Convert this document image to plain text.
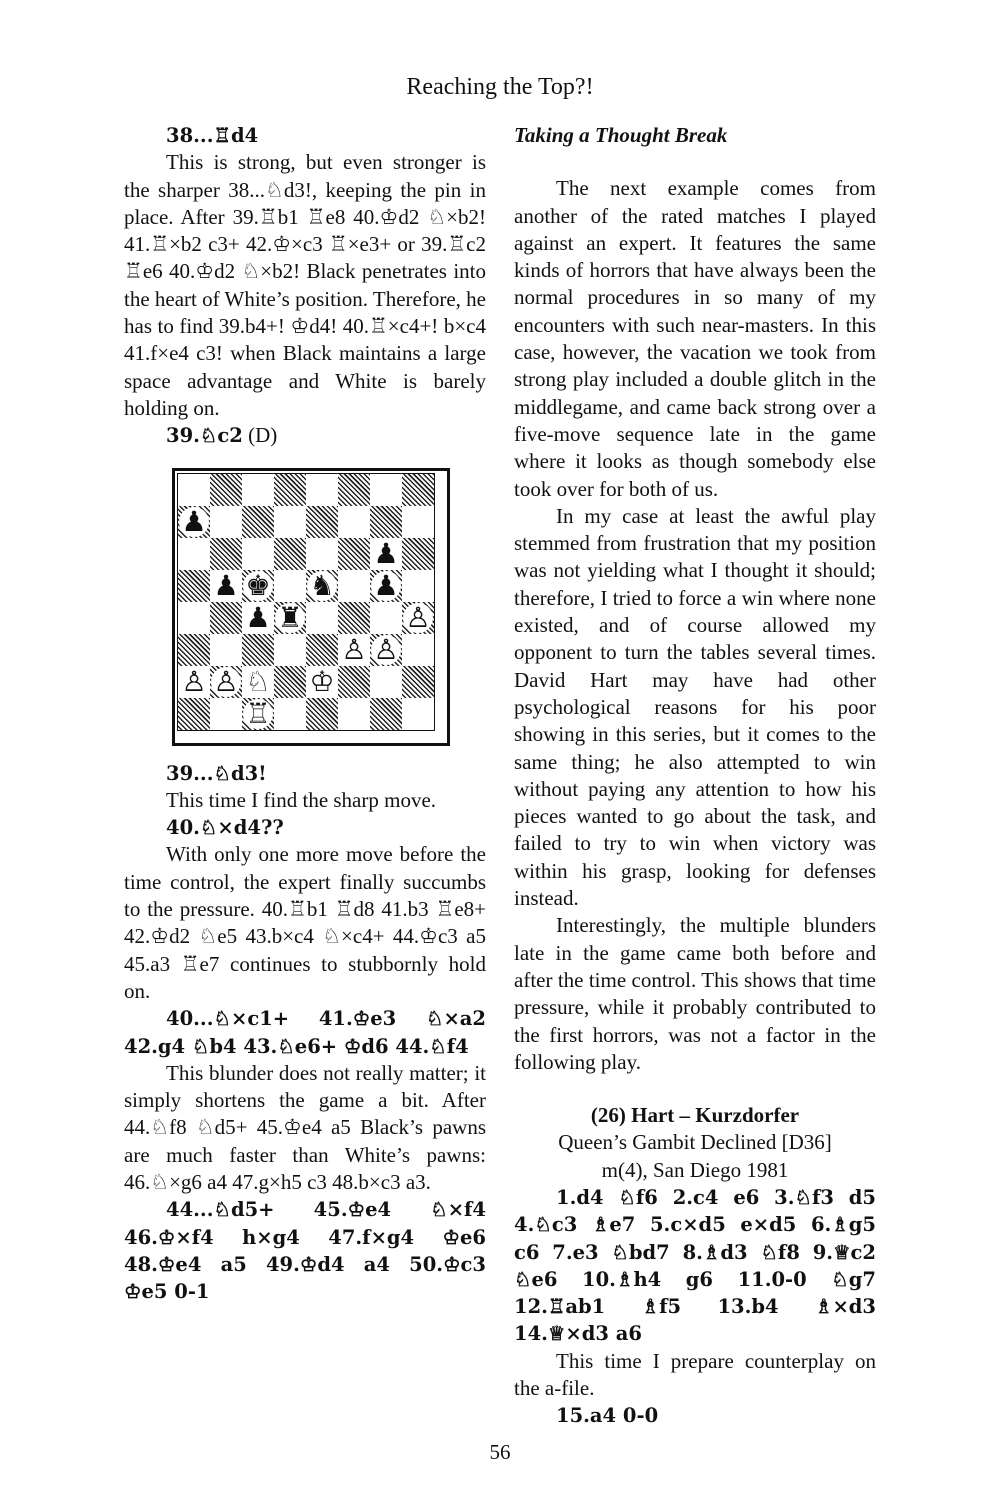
Reaching the Top?!

38...♖d4

This is strong, but even stronger is the sharper 38...♘d3!, keeping the pin in place. After 39.♖b1 ♖e8 40.♔d2 ♘×b2! 41.♖×b2 c3+ 42.♔×c3 ♖×e3+ or 39.♖c2 ♖e6 40.♔d2 ♘×b2! Black penetrates into the heart of White’s position. Therefore, he has to find 39.b4+! ♔d4! 40.♖×c4+! b×c4 41.f×e4 c3! when Black maintains a large space advantage and White is barely holding on.

39.♘c2 (D)

♟
♟
♟ ♚ ♞ ♟
♟ ♜	♙
♙ ♙
♙ ♙ ♘ ♔
♖

39...♘d3!

This time I find the sharp move.

40.♘×d4??

With only one more move before the time control, the expert finally succumbs to the pressure. 40.♖b1 ♖d8 41.b3 ♖e8+ 42.♔d2 ♘e5 43.b×c4 ♘×c4+ 44.♔c3 a5 45.a3 ♖e7 continues to stubbornly hold on.

40...♘×c1+ 41.♔e3 ♘×a2 42.g4 ♘b4 43.♘e6+ ♔d6 44.♘f4

This blunder does not really matter; it simply shortens the game a bit. After 44.♘f8 ♘d5+ 45.♔e4 a5 Black’s pawns are much faster than White’s pawns: 46.♘×g6 a4 47.g×h5 c3 48.b×c3 a3.

44...♘d5+ 45.♔e4 ♘×f4 46.♔×f4 h×g4 47.f×g4 ♔e6 48.♔e4 a5 49.♔d4 a4 50.♔c3 ♔e5 0-1

Taking a Thought Break

The next example comes from another of the rated matches I played against an expert. It features the same kinds of horrors that have always been the normal procedures in so many of my encounters with such near-masters. In this case, however, the vacation we took from strong play included a double glitch in the middlegame, and came back strong over a five-move sequence late in the game where it looks as though somebody else took over for both of us.

In my case at least the awful play stemmed from frustration that my position was not yielding what I thought it should; therefore, I tried to force a win where none existed, and of course allowed my opponent to turn the tables several times. David Hart may have had other psychological reasons for his poor showing in this series, but it comes to the same thing; he also attempted to win without paying any attention to how his pieces wanted to go about the task, and failed to try to win when victory was within his grasp, looking for defenses instead.

Interestingly, the multiple blunders late in the game came both before and after the time control. This shows that time pressure, while it probably contributed to the first horrors, was not a factor in the following play.

(26) Hart – Kurzdorfer

Queen’s Gambit Declined [D36]

m(4), San Diego 1981

1.d4 ♘f6 2.c4 e6 3.♘f3 d5 4.♘c3 ♗e7 5.c×d5 e×d5 6.♗g5 c6 7.e3 ♘bd7 8.♗d3 ♘f8 9.♕c2 ♘e6 10.♗h4 g6 11.0-0 ♘g7 12.♖ab1 ♗f5 13.b4 ♗×d3 14.♕×d3 a6

This time I prepare counterplay on the a-file.

15.a4 0-0

56
